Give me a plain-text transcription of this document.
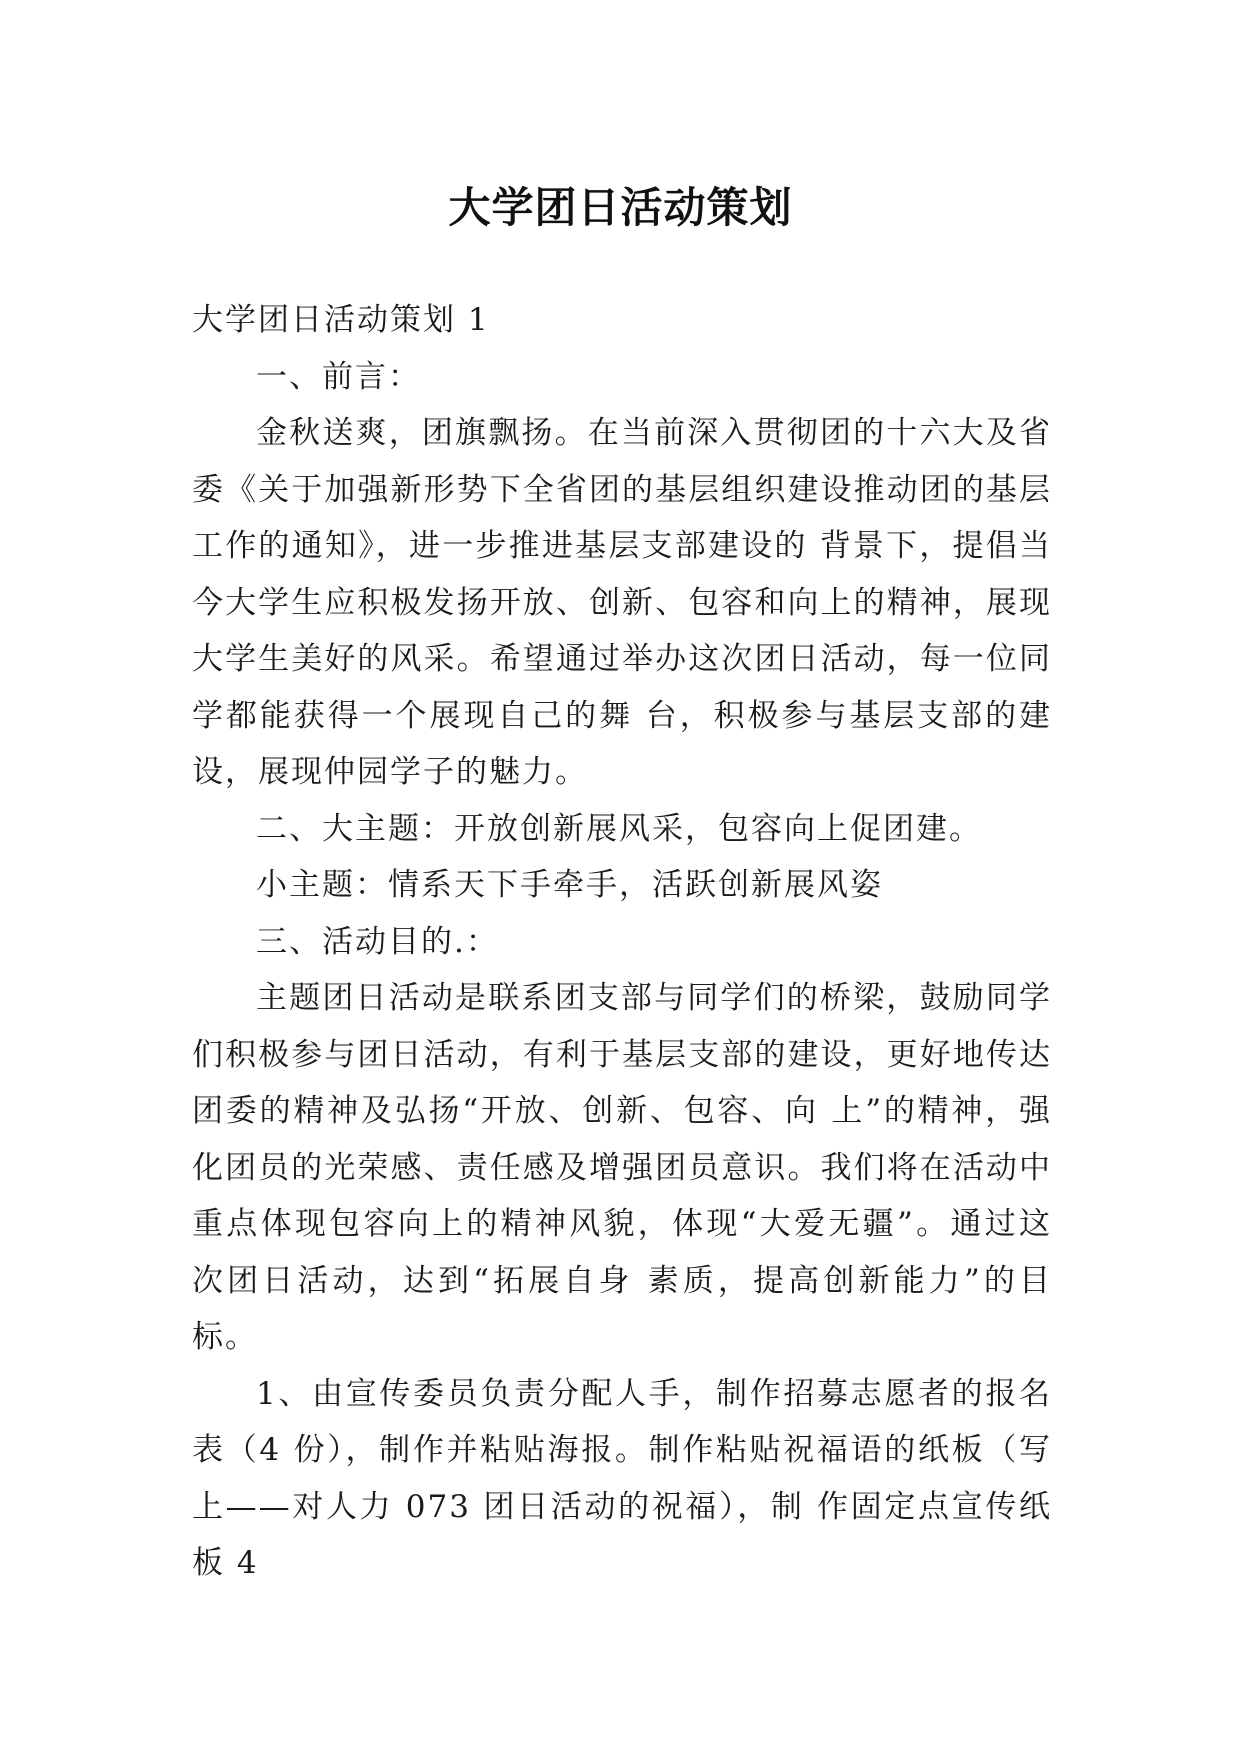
大学团日活动策划

大学团日活动策划 1

一、前言：

金秋送爽，团旗飘扬。在当前深入贯彻团的十六大及省委《关于加强新形势下全省团的基层组织建设推动团的基层工作的通知》，进一步推进基层支部建设的 背景下，提倡当今大学生应积极发扬开放、创新、包容和向上的精神，展现大学生美好的风采。希望通过举办这次团日活动，每一位同学都能获得一个展现自己的舞 台，积极参与基层支部的建设，展现仲园学子的魅力。

二、大主题：开放创新展风采，包容向上促团建。

小主题：情系天下手牵手，活跃创新展风姿

三、活动目的.：

主题团日活动是联系团支部与同学们的桥梁，鼓励同学们积极参与团日活动，有利于基层支部的建设，更好地传达团委的精神及弘扬“开放、创新、包容、向 上”的精神，强化团员的光荣感、责任感及增强团员意识。我们将在活动中重点体现包容向上的精神风貌，体现“大爱无疆”。通过这次团日活动，达到“拓展自身 素质，提高创新能力”的目标。

1、由宣传委员负责分配人手，制作招募志愿者的报名表（4 份），制作并粘贴海报。制作粘贴祝福语的纸板（写上——对人力 073 团日活动的祝福），制 作固定点宣传纸板 4
